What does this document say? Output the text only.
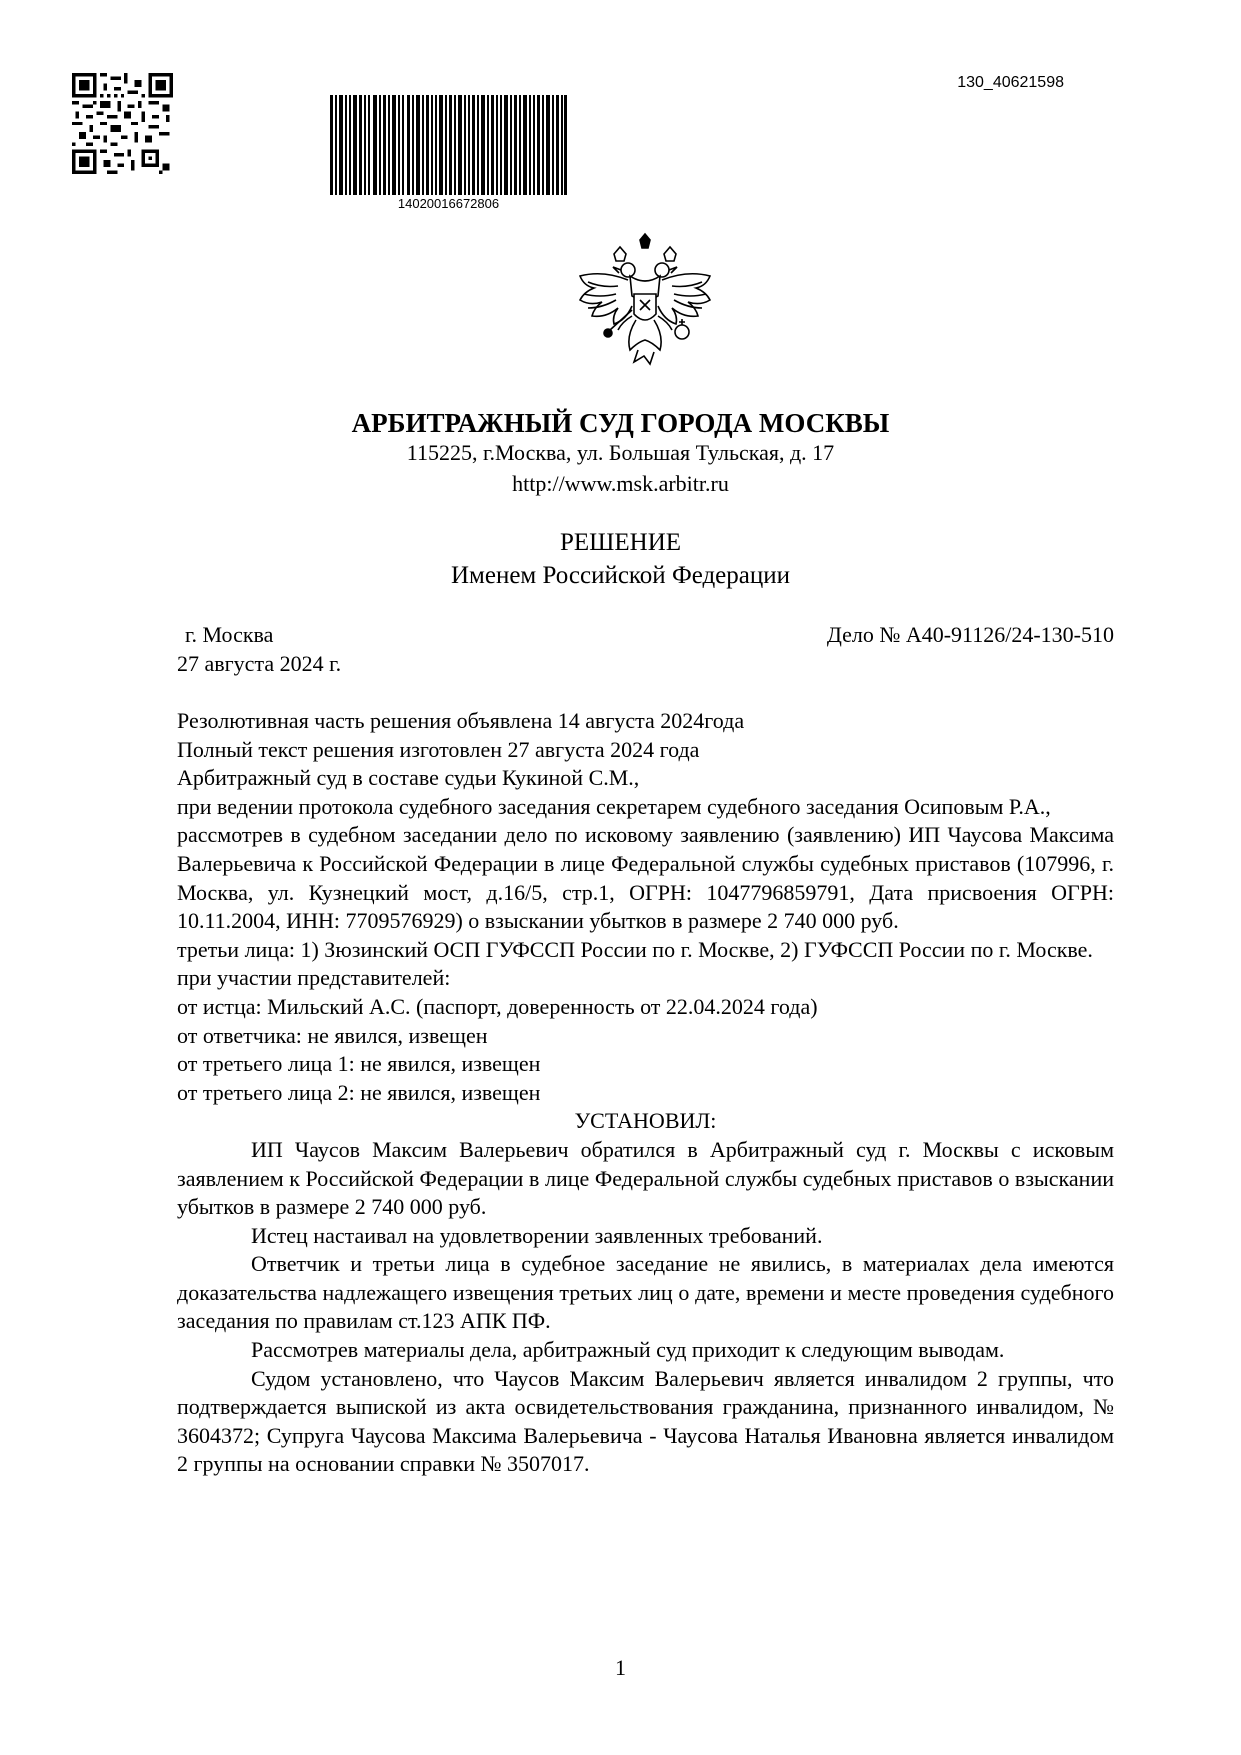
14020016672806
130_40621598
АРБИТРАЖНЫЙ СУД ГОРОДА МОСКВЫ
115225, г.Москва, ул. Большая Тульская, д. 17
http://www.msk.arbitr.ru
РЕШЕНИЕ
Именем Российской Федерации
г. Москва
27 августа 2024 г.
Дело № А40-91126/24-130-510

Резолютивная часть решения объявлена 14 августа 2024года

Полный текст решения изготовлен 27 августа 2024 года

Арбитражный суд в составе судьи Кукиной С.М.,

при ведении протокола судебного заседания секретарем судебного заседания Осиповым Р.А.,

рассмотрев в судебном заседании дело по исковому заявлению (заявлению) ИП Чаусова Максима Валерьевича к Российской Федерации в лице Федеральной службы судебных приставов (107996, г. Москва, ул. Кузнецкий мост, д.16/5, стр.1, ОГРН: 1047796859791, Дата присвоения ОГРН: 10.11.2004, ИНН: 7709576929) о взыскании убытков в размере 2 740 000 руб.

третьи лица: 1) Зюзинский ОСП ГУФССП России по г. Москве, 2) ГУФССП России по г. Москве.

при участии представителей:

от истца: Мильский А.С. (паспорт, доверенность от 22.04.2024 года)

от ответчика: не явился, извещен

от третьего лица 1: не явился, извещен

от третьего лица 2: не явился, извещен

УСТАНОВИЛ:

ИП Чаусов Максим Валерьевич обратился в Арбитражный суд г. Москвы с исковым заявлением к Российской Федерации в лице Федеральной службы судебных приставов о взыскании убытков в размере 2 740 000 руб.

Истец настаивал на удовлетворении заявленных требований.

Ответчик и третьи лица в судебное заседание не явились, в материалах дела имеются доказательства надлежащего извещения третьих лиц о дате, времени и месте проведения судебного заседания по правилам ст.123 АПК ПФ.

Рассмотрев материалы дела, арбитражный суд приходит к следующим выводам.

Судом установлено, что Чаусов Максим Валерьевич является инвалидом 2 группы, что подтверждается выпиской из акта освидетельствования гражданина, признанного инвалидом, № 3604372; Супруга Чаусова Максима Валерьевича - Чаусова Наталья Ивановна является инвалидом 2 группы на основании справки № 3507017.

1
